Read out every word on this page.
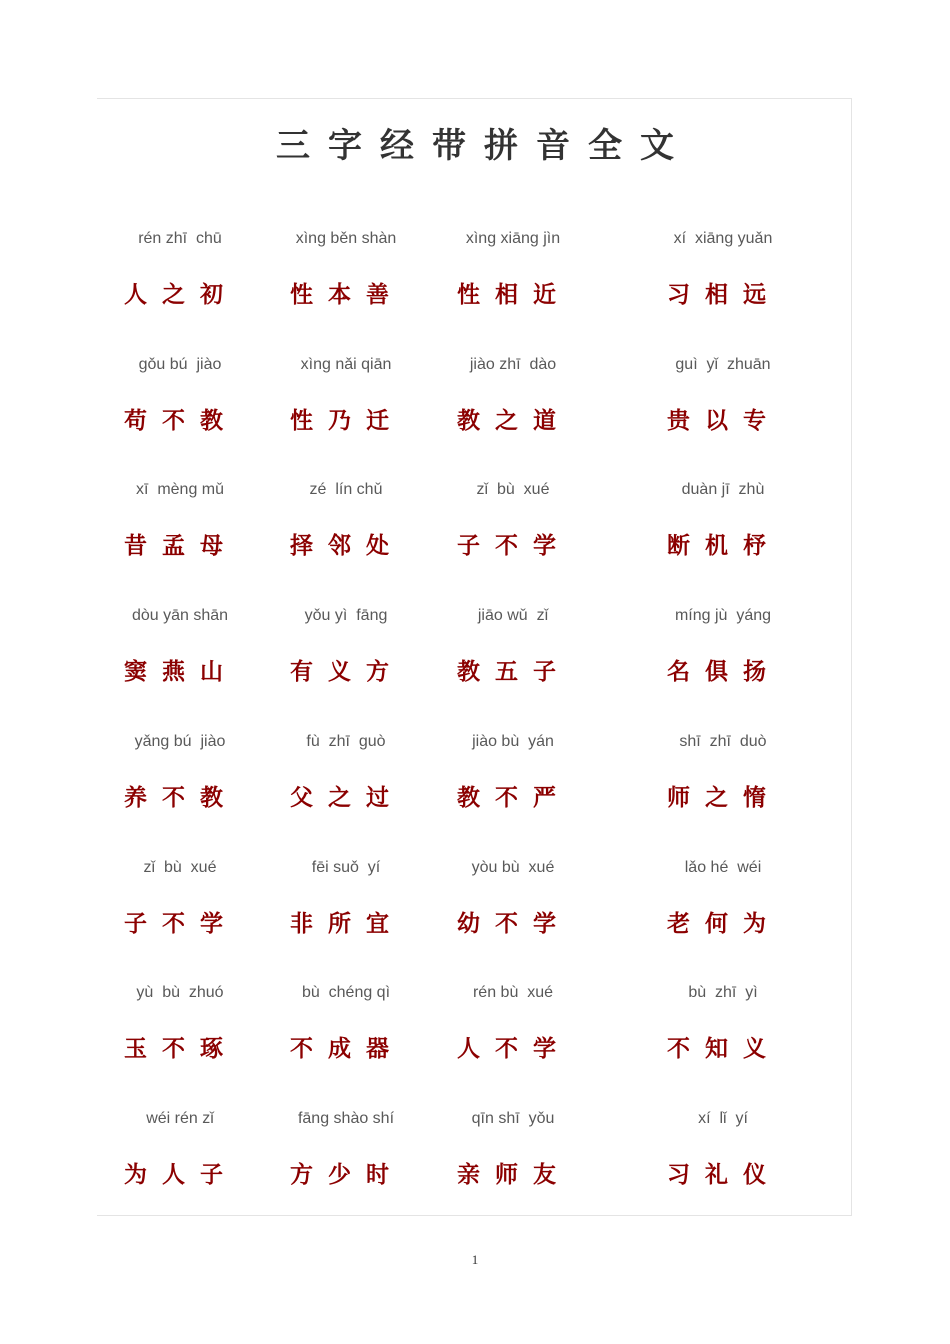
三字经带拼音全文
rén zhī  chū
人之初
xìng běn shàn
性本善
xìng xiāng jìn
性相近
xí  xiāng yuǎn
习相远
gǒu bú  jiào
苟不教
xìng nǎi qiān
性乃迁
jiào zhī  dào
教之道
guì  yǐ  zhuān
贵以专
xī  mèng mǔ
昔孟母
zé  lín chǔ
择邻处
zǐ  bù  xué
子不学
duàn jī  zhù
断机杼
dòu yān shān
窦燕山
yǒu yì  fāng
有义方
jiāo wǔ  zǐ
教五子
míng jù  yáng
名俱扬
yǎng bú  jiào
养不教
fù  zhī  guò
父之过
jiào bù  yán
教不严
shī  zhī  duò
师之惰
zǐ  bù  xué
子不学
fēi suǒ  yí
非所宜
yòu bù  xué
幼不学
lǎo hé  wéi
老何为
yù  bù  zhuó
玉不琢
bù  chéng qì
不成器
rén bù  xué
人不学
bù  zhī  yì
不知义
wéi rén zǐ
为人子
fāng shào shí
方少时
qīn shī  yǒu
亲师友
xí  lǐ  yí
习礼仪
1
